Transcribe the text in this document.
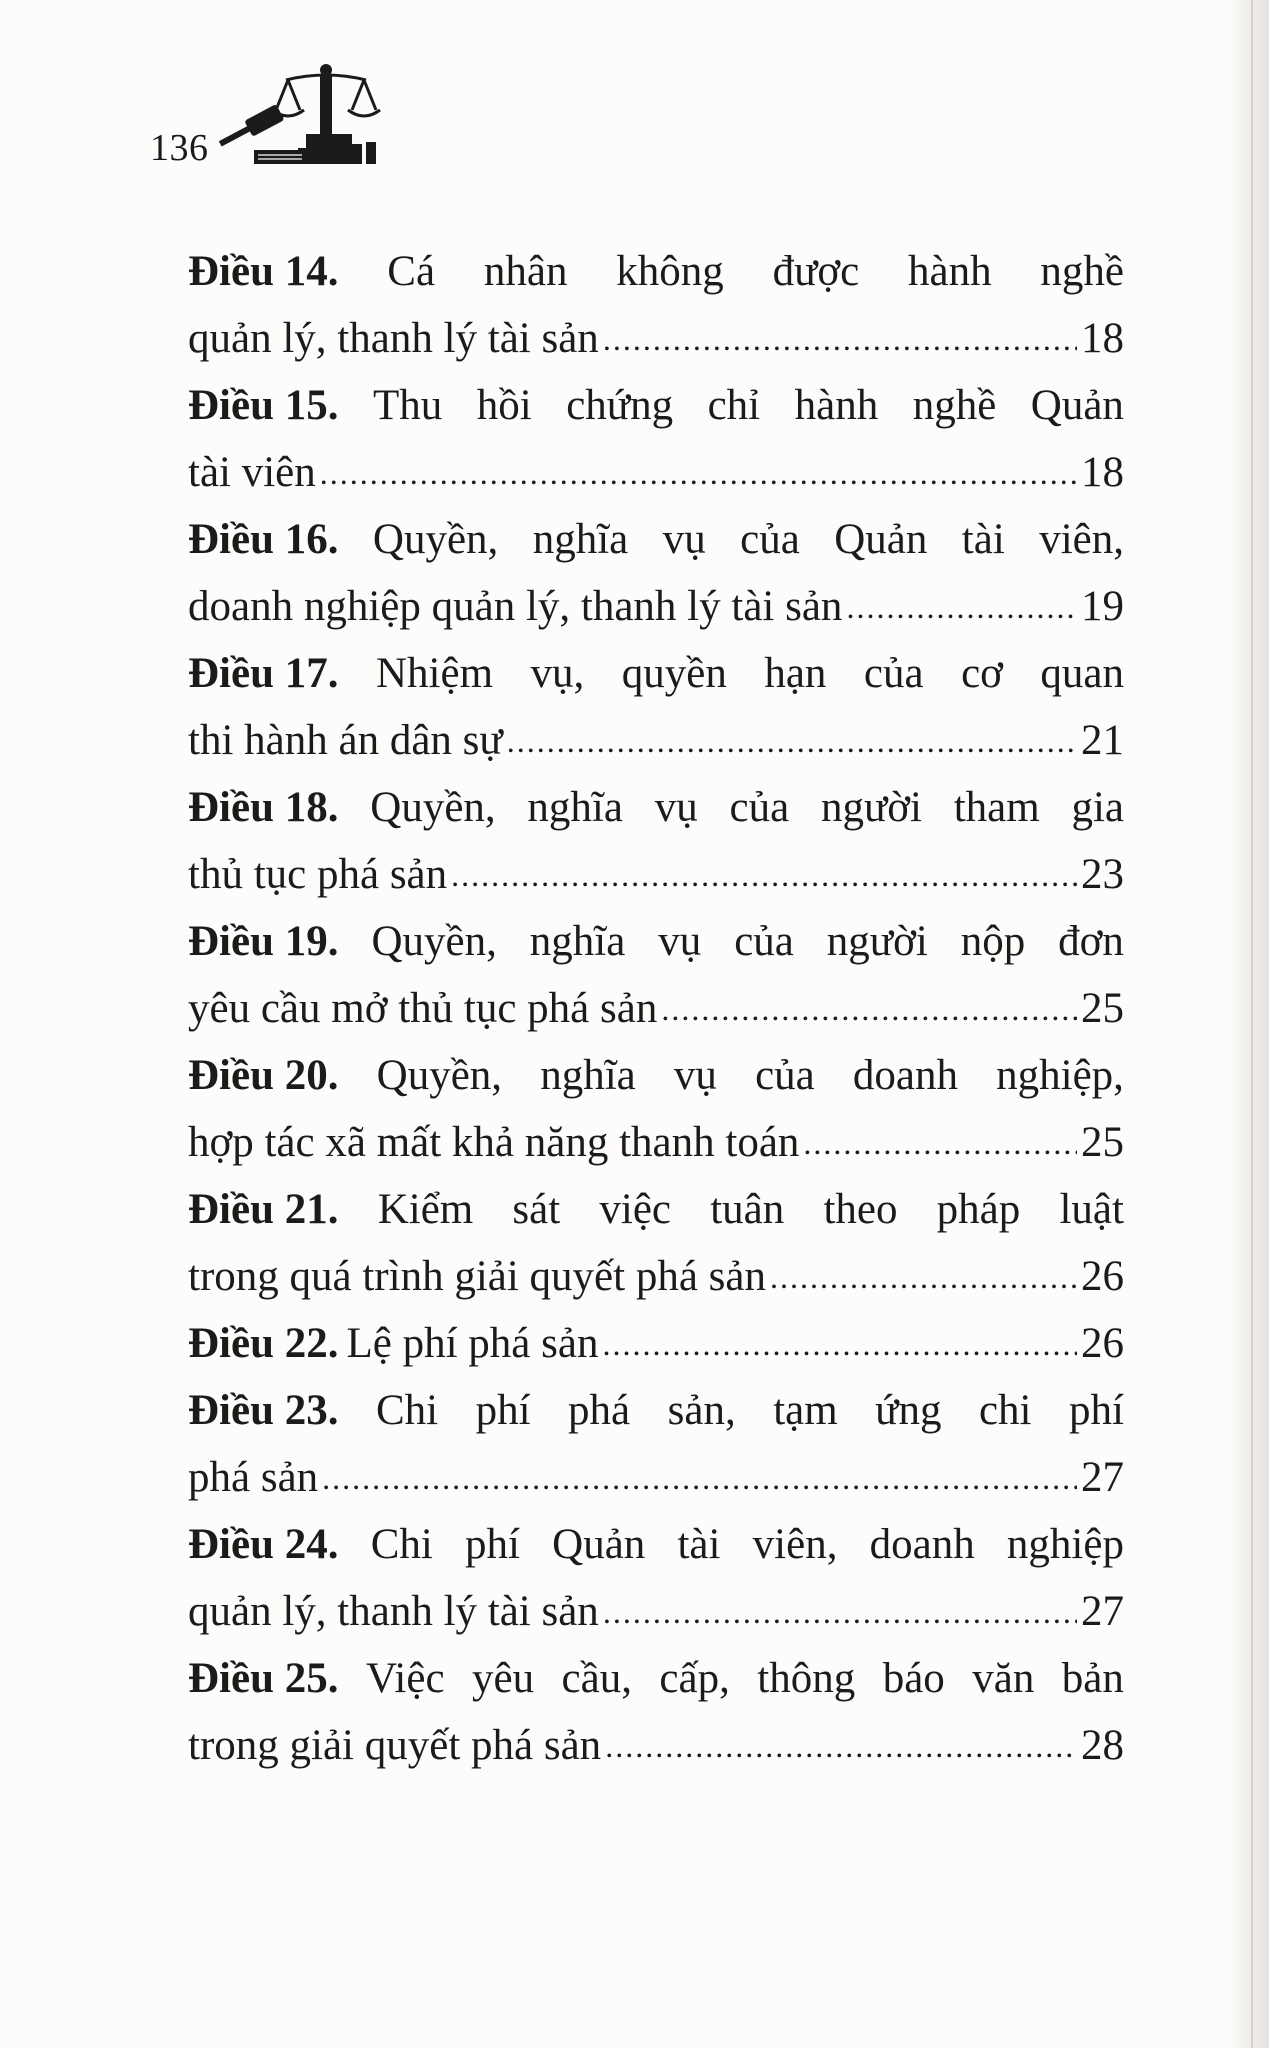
136
Điều 14. Cá nhân không được hành nghề
quản lý, thanh lý tài sản .....	18
Điều 15. Thu hồi chứng chỉ hành nghề Quản
tài viên .....	18
Điều 16. Quyền, nghĩa vụ của Quản tài viên,
doanh nghiệp quản lý, thanh lý tài sản .....	19
Điều 17. Nhiệm vụ, quyền hạn của cơ quan
thi hành án dân sự .....	21
Điều 18. Quyền, nghĩa vụ của người tham gia
thủ tục phá sản .....	23
Điều 19. Quyền, nghĩa vụ của người nộp đơn
yêu cầu mở thủ tục phá sản .....	25
Điều 20. Quyền, nghĩa vụ của doanh nghiệp,
hợp tác xã mất khả năng thanh toán .....	25
Điều 21. Kiểm sát việc tuân theo pháp luật
trong quá trình giải quyết phá sản .....	26
Điều 22. Lệ phí phá sản .....	26
Điều 23. Chi phí phá sản, tạm ứng chi phí
phá sản .....	27
Điều 24. Chi phí Quản tài viên, doanh nghiệp
quản lý, thanh lý tài sản .....	27
Điều 25. Việc yêu cầu, cấp, thông báo văn bản
trong giải quyết phá sản .....	28
